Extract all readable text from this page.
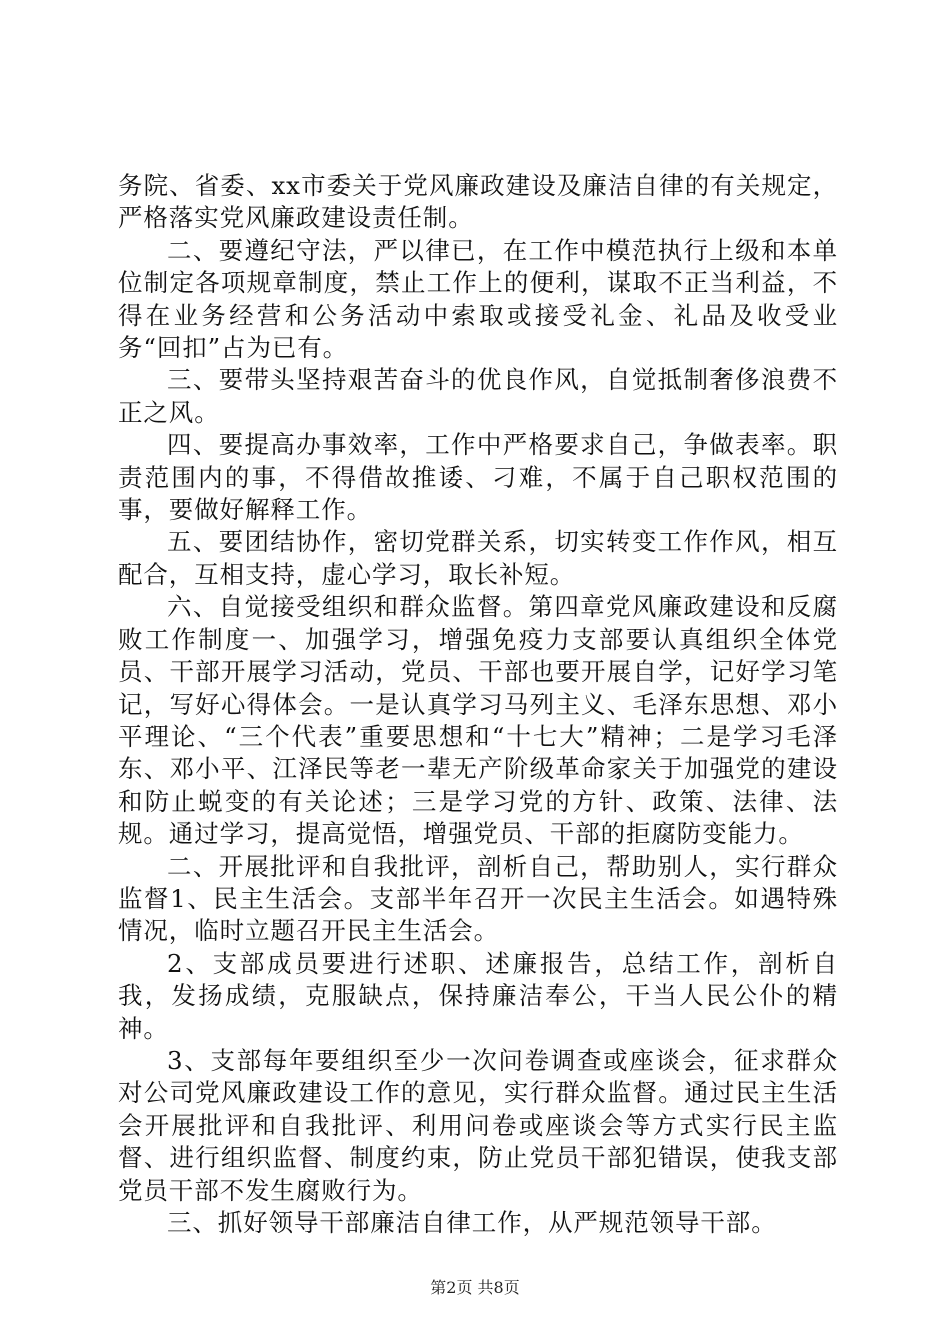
务院、省委、xx市委关于党风廉政建设及廉洁自律的有关规定，严格落实党风廉政建设责任制。

二、要遵纪守法，严以律已，在工作中模范执行上级和本单位制定各项规章制度，禁止工作上的便利，谋取不正当利益，不得在业务经营和公务活动中索取或接受礼金、礼品及收受业务“回扣”占为已有。

三、要带头坚持艰苦奋斗的优良作风，自觉抵制奢侈浪费不正之风。

四、要提高办事效率，工作中严格要求自己，争做表率。职责范围内的事，不得借故推诿、刁难，不属于自己职权范围的事，要做好解释工作。

五、要团结协作，密切党群关系，切实转变工作作风，相互配合，互相支持，虚心学习，取长补短。

六、自觉接受组织和群众监督。第四章党风廉政建设和反腐败工作制度一、加强学习，增强免疫力支部要认真组织全体党员、干部开展学习活动，党员、干部也要开展自学，记好学习笔记，写好心得体会。一是认真学习马列主义、毛泽东思想、邓小平理论、“三个代表”重要思想和“十七大”精神；二是学习毛泽东、邓小平、江泽民等老一辈无产阶级革命家关于加强党的建设和防止蜕变的有关论述；三是学习党的方针、政策、法律、法规。通过学习，提高觉悟，增强党员、干部的拒腐防变能力。

二、开展批评和自我批评，剖析自己，帮助别人，实行群众监督1、民主生活会。支部半年召开一次民主生活会。如遇特殊情况，临时立题召开民主生活会。

2、支部成员要进行述职、述廉报告，总结工作，剖析自我，发扬成绩，克服缺点，保持廉洁奉公，干当人民公仆的精神。

3、支部每年要组织至少一次问卷调查或座谈会，征求群众对公司党风廉政建设工作的意见，实行群众监督。通过民主生活会开展批评和自我批评、利用问卷或座谈会等方式实行民主监督、进行组织监督、制度约束，防止党员干部犯错误，使我支部党员干部不发生腐败行为。

三、抓好领导干部廉洁自律工作，从严规范领导干部。

第2页 共8页
